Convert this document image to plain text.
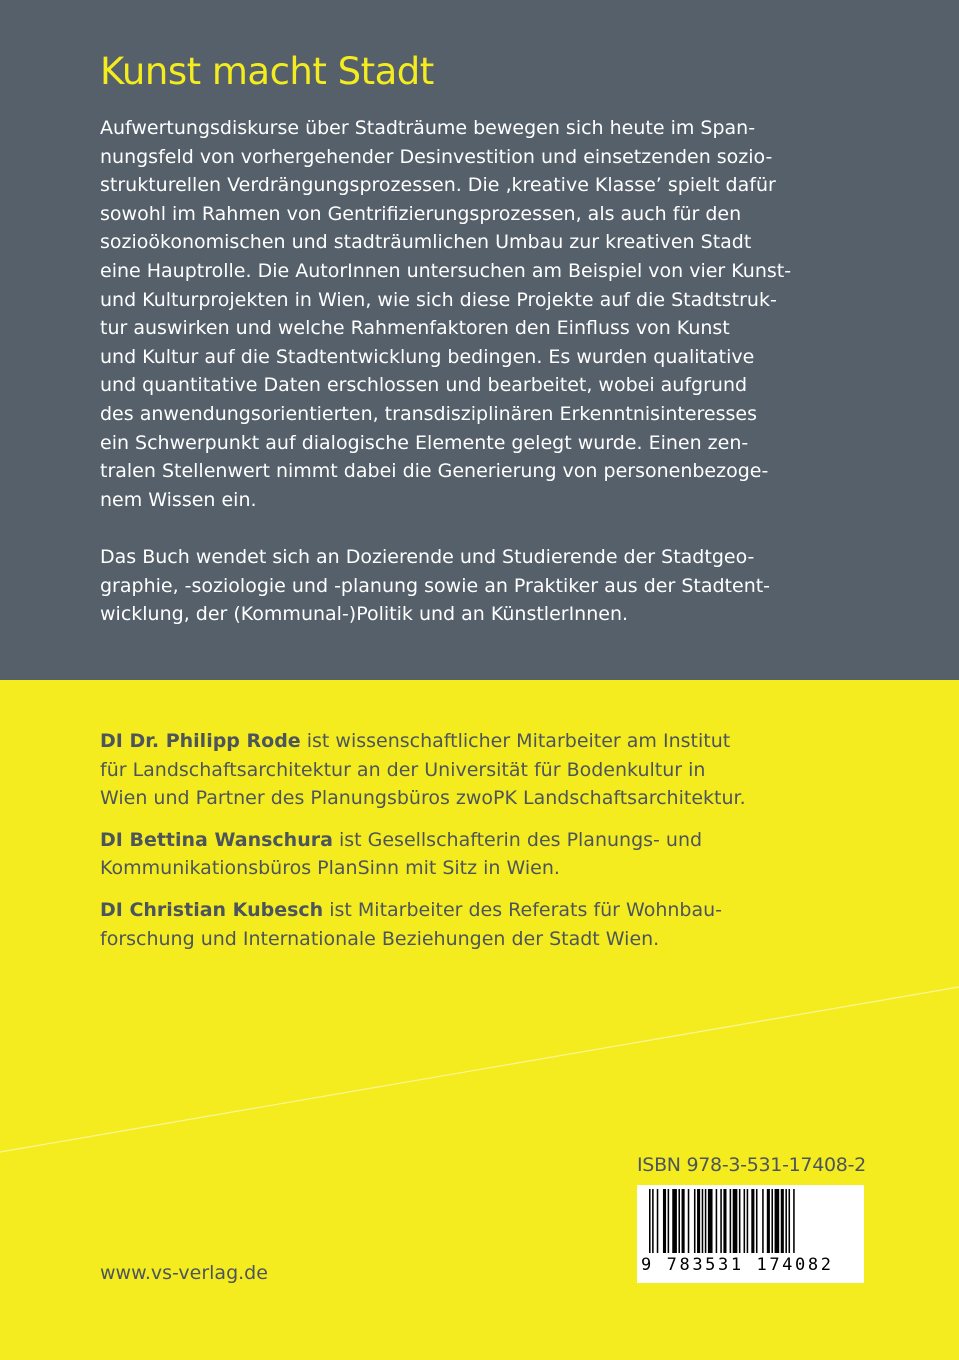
Kunst macht Stadt
Aufwertungsdiskurse über Stadträume bewegen sich heute im Span-
nungsfeld von vorhergehender Desinvestition und einsetzenden sozio-
strukturellen Verdrängungsprozessen. Die ‚kreative Klasse’ spielt dafür
sowohl im Rahmen von Gentrifizierungsprozessen, als auch für den
sozioökonomischen und stadträumlichen Umbau zur kreativen Stadt
eine Hauptrolle. Die AutorInnen untersuchen am Beispiel von vier Kunst-
und Kulturprojekten in Wien, wie sich diese Projekte auf die Stadtstruk-
tur auswirken und welche Rahmenfaktoren den Einfluss von Kunst
und Kultur auf die Stadtentwicklung bedingen. Es wurden qualitative
und quantitative Daten erschlossen und bearbeitet, wobei aufgrund
des anwendungsorientierten, transdisziplinären Erkenntnisinteresses
ein Schwerpunkt auf dialogische Elemente gelegt wurde. Einen zen-
tralen Stellenwert nimmt dabei die Generierung von personenbezoge-
nem Wissen ein.
Das Buch wendet sich an Dozierende und Studierende der Stadtgeo-
graphie, -soziologie und -planung sowie an Praktiker aus der Stadtent-
wicklung, der (Kommunal-)Politik und an KünstlerInnen.

DI Dr. Philipp Rode ist wissenschaftlicher Mitarbeiter am Institut
für Landschaftsarchitektur an der Universität für Bodenkultur in
Wien und Partner des Planungsbüros zwoPK Landschaftsarchitektur.

DI Bettina Wanschura ist Gesellschafterin des Planungs- und
Kommunikationsbüros PlanSinn mit Sitz in Wien.

DI Christian Kubesch ist Mitarbeiter des Referats für Wohnbau-
forschung und Internationale Beziehungen der Stadt Wien.

ISBN 978-3-531-17408-2
9 783531 174082
www.vs-verlag.de
